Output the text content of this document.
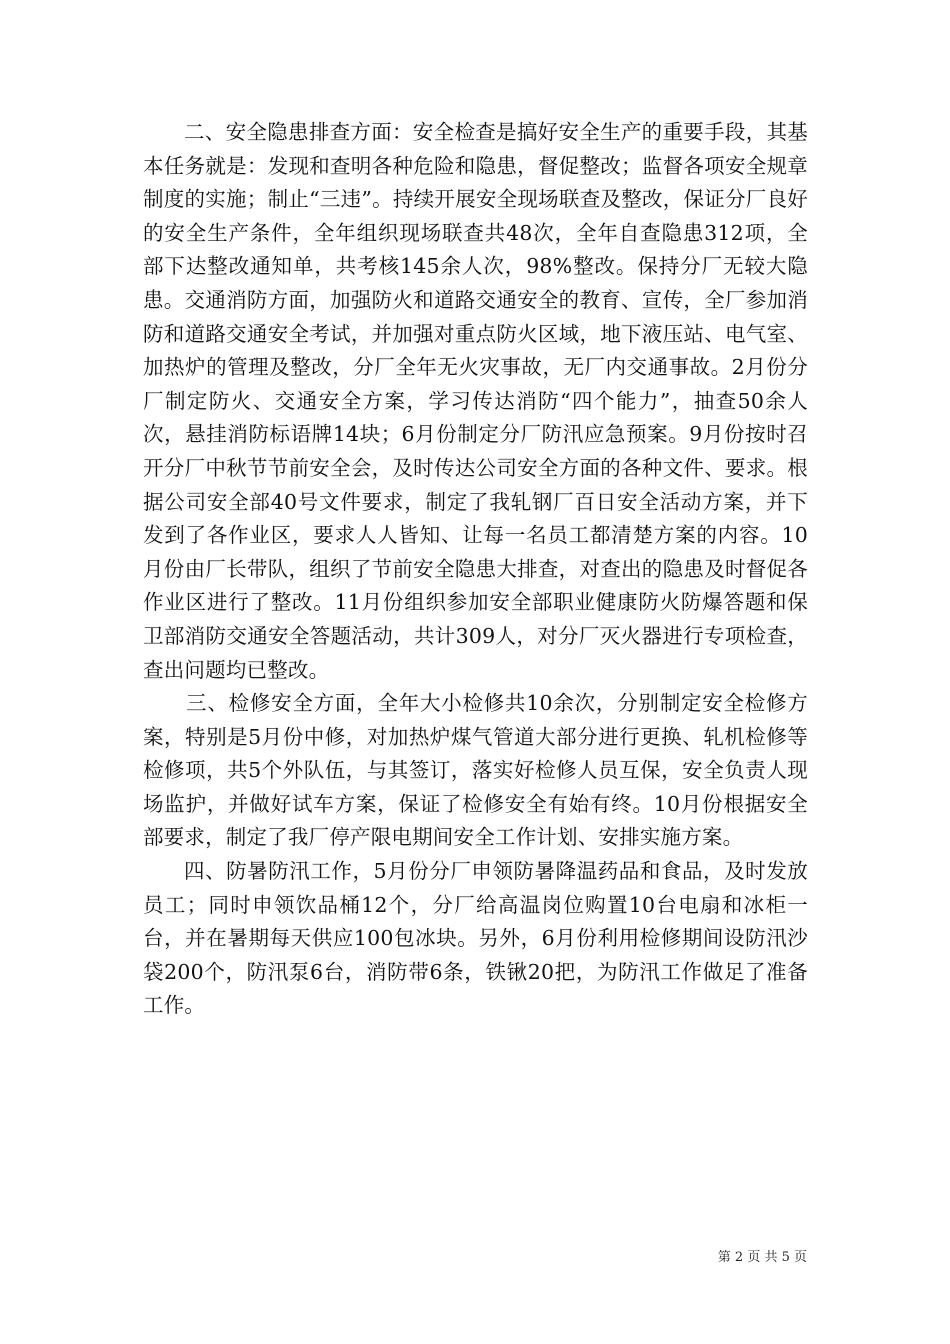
二、安全隐患排查方面：安全检查是搞好安全生产的重要手段，其基本任务就是：发现和查明各种危险和隐患，督促整改；监督各项安全规章制度的实施；制止“三违”。持续开展安全现场联查及整改，保证分厂良好的安全生产条件，全年组织现场联查共48次，全年自查隐患312项，全部下达整改通知单，共考核145余人次，98%整改。保持分厂无较大隐患。交通消防方面，加强防火和道路交通安全的教育、宣传，全厂参加消防和道路交通安全考试，并加强对重点防火区域，地下液压站、电气室、加热炉的管理及整改，分厂全年无火灾事故，无厂内交通事故。2月份分厂制定防火、交通安全方案，学习传达消防“四个能力”，抽查50余人次，悬挂消防标语牌14块；6月份制定分厂防汛应急预案。9月份按时召开分厂中秋节节前安全会，及时传达公司安全方面的各种文件、要求。根据公司安全部40号文件要求，制定了我轧钢厂百日安全活动方案，并下发到了各作业区，要求人人皆知、让每一名员工都清楚方案的内容。10月份由厂长带队，组织了节前安全隐患大排查，对查出的隐患及时督促各作业区进行了整改。11月份组织参加安全部职业健康防火防爆答题和保卫部消防交通安全答题活动，共计309人，对分厂灭火器进行专项检查，查出问题均已整改。

三、检修安全方面，全年大小检修共10余次，分别制定安全检修方案，特别是5月份中修，对加热炉煤气管道大部分进行更换、轧机检修等检修项，共5个外队伍，与其签订，落实好检修人员互保，安全负责人现场监护，并做好试车方案，保证了检修安全有始有终。10月份根据安全部要求，制定了我厂停产限电期间安全工作计划、安排实施方案。

四、防暑防汛工作，5月份分厂申领防暑降温药品和食品，及时发放员工；同时申领饮品桶12个，分厂给高温岗位购置10台电扇和冰柜一台，并在暑期每天供应100包冰块。另外，6月份利用检修期间设防汛沙袋200个，防汛泵6台，消防带6条，铁锹20把，为防汛工作做足了准备工作。

第 2 页 共 5 页
